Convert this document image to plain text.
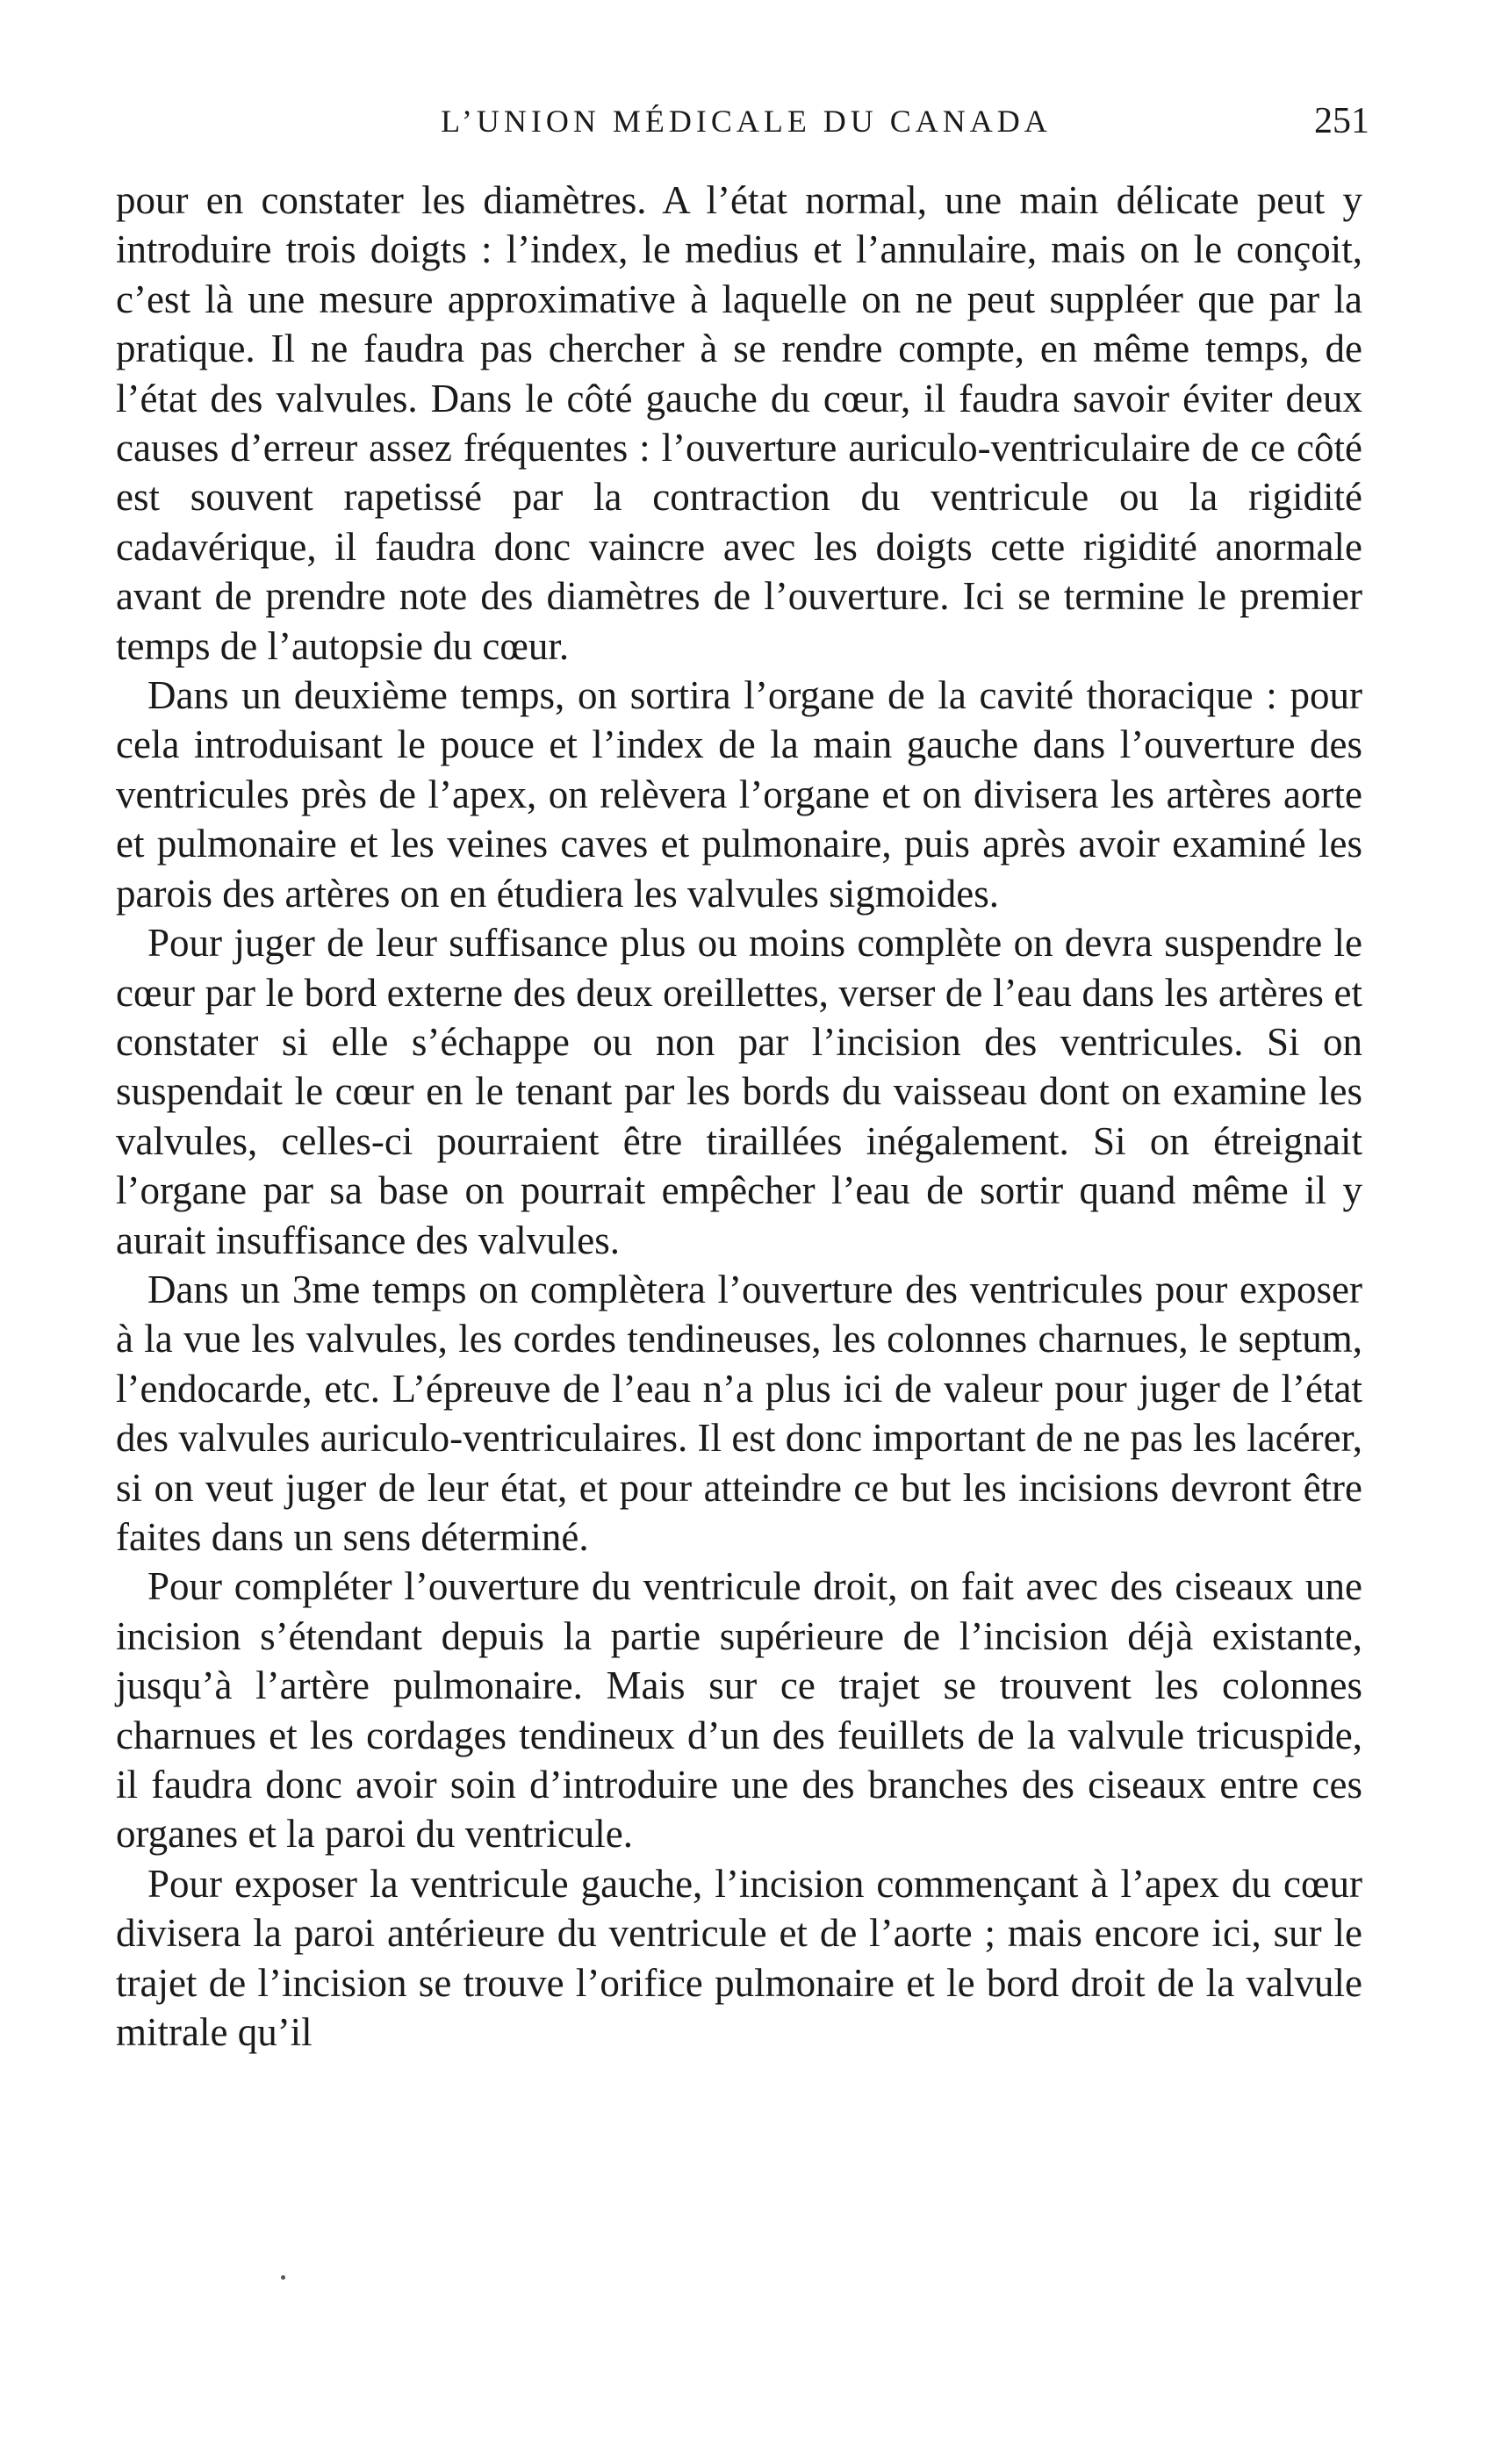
L’UNION MÉDICALE DU CANADA	251

pour en constater les diamètres. A l’état normal, une main délicate peut y introduire trois doigts : l’index, le medius et l’annulaire, mais on le conçoit, c’est là une mesure approximative à laquelle on ne peut suppléer que par la pratique. Il ne faudra pas chercher à se rendre compte, en même temps, de l’état des valvules. Dans le côté gauche du cœur, il faudra savoir éviter deux causes d’erreur assez fréquentes : l’ouverture auriculo-ventriculaire de ce côté est souvent rapetissé par la contraction du ventricule ou la rigidité cadavérique, il faudra donc vaincre avec les doigts cette rigidité anormale avant de prendre note des diamètres de l’ouverture. Ici se termine le premier temps de l’autopsie du cœur.

Dans un deuxième temps, on sortira l’organe de la cavité thoracique : pour cela introduisant le pouce et l’index de la main gauche dans l’ouverture des ventricules près de l’apex, on relèvera l’organe et on divisera les artères aorte et pulmonaire et les veines caves et pulmonaire, puis après avoir examiné les parois des artères on en étudiera les valvules sigmoides.

Pour juger de leur suffisance plus ou moins complète on devra suspendre le cœur par le bord externe des deux oreillettes, verser de l’eau dans les artères et constater si elle s’échappe ou non par l’incision des ventricules. Si on suspendait le cœur en le tenant par les bords du vaisseau dont on examine les valvules, celles-ci pourraient être tiraillées inégalement. Si on étreignait l’organe par sa base on pourrait empêcher l’eau de sortir quand même il y aurait insuffisance des valvules.

Dans un 3me temps on complètera l’ouverture des ventricules pour exposer à la vue les valvules, les cordes tendineuses, les colonnes charnues, le septum, l’endocarde, etc. L’épreuve de l’eau n’a plus ici de valeur pour juger de l’état des valvules auriculo-ventriculaires. Il est donc important de ne pas les lacérer, si on veut juger de leur état, et pour atteindre ce but les incisions devront être faites dans un sens déterminé.

Pour compléter l’ouverture du ventricule droit, on fait avec des ciseaux une incision s’étendant depuis la partie supérieure de l’incision déjà existante, jusqu’à l’artère pulmonaire. Mais sur ce trajet se trouvent les colonnes charnues et les cordages tendineux d’un des feuillets de la valvule tricuspide, il faudra donc avoir soin d’introduire une des branches des ciseaux entre ces organes et la paroi du ventricule.

Pour exposer la ventricule gauche, l’incision commençant à l’apex du cœur divisera la paroi antérieure du ventricule et de l’aorte ; mais encore ici, sur le trajet de l’incision se trouve l’orifice pulmonaire et le bord droit de la valvule mitrale qu’il
